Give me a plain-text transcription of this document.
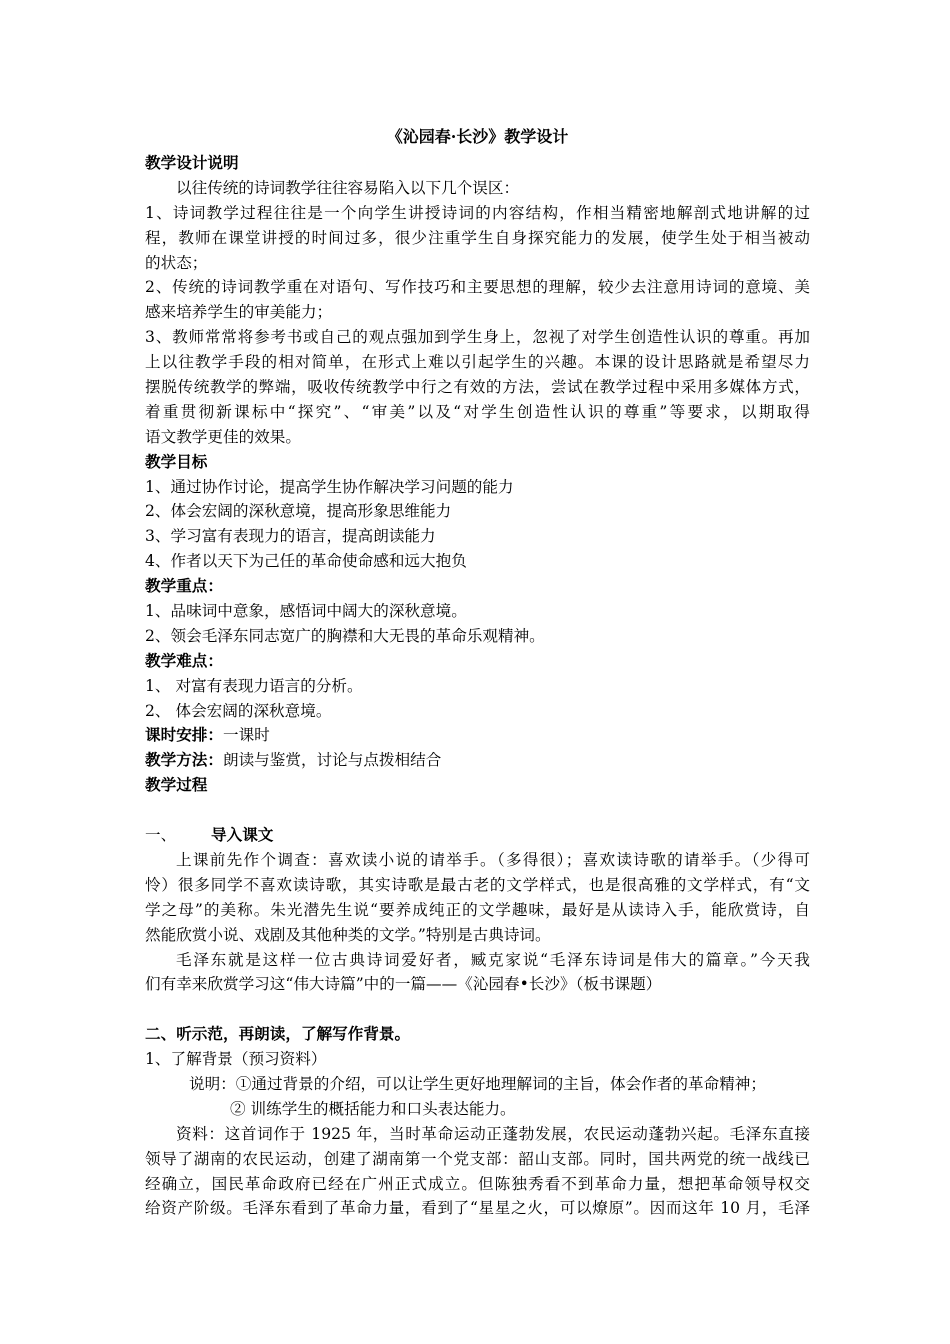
《沁园春·长沙》教学设计
教学设计说明
以往传统的诗词教学往往容易陷入以下几个误区：
1、诗词教学过程往往是一个向学生讲授诗词的内容结构，作相当精密地解剖式地讲解的过
程，教师在课堂讲授的时间过多，很少注重学生自身探究能力的发展，使学生处于相当被动
的状态；
2、传统的诗词教学重在对语句、写作技巧和主要思想的理解，较少去注意用诗词的意境、美
感来培养学生的审美能力；
3、教师常常将参考书或自己的观点强加到学生身上，忽视了对学生创造性认识的尊重。再加
上以往教学手段的相对简单，在形式上难以引起学生的兴趣。本课的设计思路就是希望尽力
摆脱传统教学的弊端，吸收传统教学中行之有效的方法，尝试在教学过程中采用多媒体方式，
着重贯彻新课标中“探究”、“审美”以及“对学生创造性认识的尊重”等要求，以期取得
语文教学更佳的效果。
教学目标
1、通过协作讨论，提高学生协作解决学习问题的能力
2、体会宏阔的深秋意境，提高形象思维能力
3、学习富有表现力的语言，提高朗读能力
4、作者以天下为己任的革命使命感和远大抱负
教学重点：
1、品味词中意象，感悟词中阔大的深秋意境。
2、领会毛泽东同志宽广的胸襟和大无畏的革命乐观精神。
教学难点：
1、 对富有表现力语言的分析。
2、 体会宏阔的深秋意境。
课时安排：一课时
教学方法：朗读与鉴赏，讨论与点拨相结合
教学过程
一、 导入课文
上课前先作个调查：喜欢读小说的请举手。（多得很）；喜欢读诗歌的请举手。（少得可
怜）很多同学不喜欢读诗歌，其实诗歌是最古老的文学样式，也是很高雅的文学样式，有“文
学之母”的美称。朱光潜先生说“要养成纯正的文学趣味，最好是从读诗入手，能欣赏诗，自
然能欣赏小说、戏剧及其他种类的文学。”特别是古典诗词。
毛泽东就是这样一位古典诗词爱好者，臧克家说“毛泽东诗词是伟大的篇章。”今天我
们有幸来欣赏学习这“伟大诗篇”中的一篇——《沁园春•长沙》（板书课题）
二、听示范，再朗读，了解写作背景。
1、了解背景（预习资料）
说明：①通过背景的介绍，可以让学生更好地理解词的主旨，体会作者的革命精神；
② 训练学生的概括能力和口头表达能力。
资料：这首词作于 1925 年，当时革命运动正蓬勃发展，农民运动蓬勃兴起。毛泽东直接
领导了湖南的农民运动，创建了湖南第一个党支部：韶山支部。同时，国共两党的统一战线已
经确立，国民革命政府已经在广州正式成立。但陈独秀看不到革命力量，想把革命领导权交
给资产阶级。毛泽东看到了革命力量，看到了“星星之火，可以燎原”。因而这年 10 月，毛泽
